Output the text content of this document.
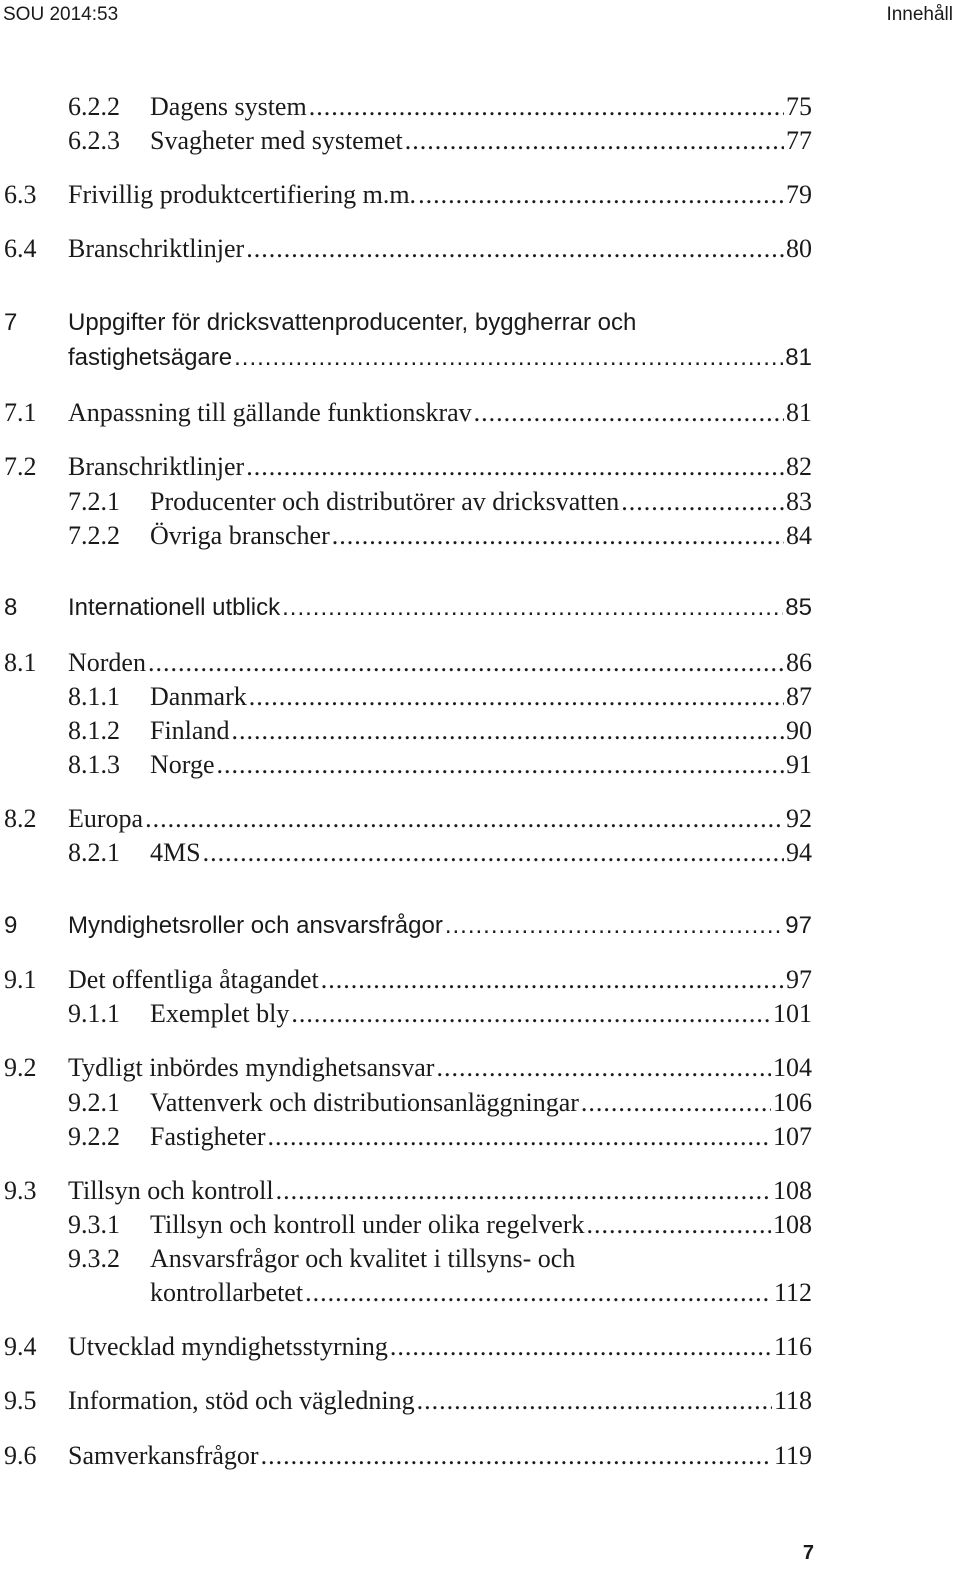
SOU 2014:53	Innehåll
6.2.2 Dagens system .....	75
6.2.3 Svagheter med systemet .....	77
6.3 Frivillig produktcertifiering m.m. .....	79
6.4 Branschriktlinjer .....	80
7 Uppgifter för dricksvattenproducenter, byggherrar och
fastighetsägare .....	81
7.1 Anpassning till gällande funktionskrav .....	81
7.2 Branschriktlinjer .....	82
7.2.1 Producenter och distributörer av dricksvatten .....	83
7.2.2 Övriga branscher .....	84
8 Internationell utblick .....	85
8.1 Norden .....	86
8.1.1 Danmark .....	87
8.1.2 Finland .....	90
8.1.3 Norge .....	91
8.2 Europa .....	92
8.2.1 4MS .....	94
9 Myndighetsroller och ansvarsfrågor .....	97
9.1 Det offentliga åtagandet .....	97
9.1.1 Exemplet bly .....	101
9.2 Tydligt inbördes myndighetsansvar .....	104
9.2.1 Vattenverk och distributionsanläggningar .....	106
9.2.2 Fastigheter .....	107
9.3 Tillsyn och kontroll .....	108
9.3.1 Tillsyn och kontroll under olika regelverk .....	108
9.3.2 Ansvarsfrågor och kvalitet i tillsyns- och
kontrollarbetet .....	112
9.4 Utvecklad myndighetsstyrning .....	116
9.5 Information, stöd och vägledning .....	118
9.6 Samverkansfrågor .....	119
7
